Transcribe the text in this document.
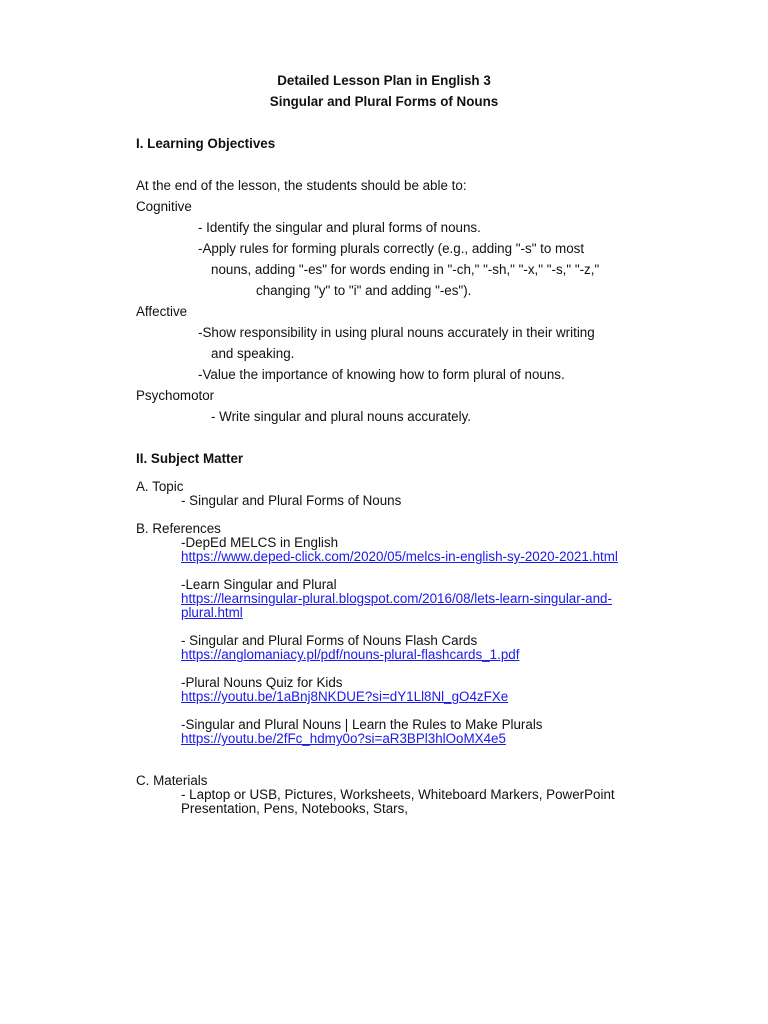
Detailed Lesson Plan in English 3
Singular and Plural Forms of Nouns
I. Learning Objectives
At the end of the lesson, the students should be able to:
Cognitive
- Identify the singular and plural forms of nouns.
-Apply rules for forming plurals correctly (e.g., adding "-s" to most
nouns, adding "-es" for words ending in "-ch," "-sh," "-x," "-s," "-z,"
changing "y" to "i" and adding "-es").
Affective
-Show responsibility in using plural nouns accurately in their writing
and speaking.
-Value the importance of knowing how to form plural of nouns.
Psychomotor
- Write singular and plural nouns accurately.
II. Subject Matter
A. Topic
- Singular and Plural Forms of Nouns
B. References
-DepEd MELCS in English
https://www.deped-click.com/2020/05/melcs-in-english-sy-2020-2021.html
-Learn Singular and Plural
https://learnsingular-plural.blogspot.com/2016/08/lets-learn-singular-and-
plural.html
- Singular and Plural Forms of Nouns Flash Cards
https://anglomaniacy.pl/pdf/nouns-plural-flashcards_1.pdf
-Plural Nouns Quiz for Kids
https://youtu.be/1aBnj8NKDUE?si=dY1Ll8Nl_gO4zFXe
-Singular and Plural Nouns | Learn the Rules to Make Plurals
https://youtu.be/2fFc_hdmy0o?si=aR3BPl3hlOoMX4e5
C. Materials
- Laptop or USB, Pictures, Worksheets, Whiteboard Markers, PowerPoint
Presentation, Pens, Notebooks, Stars,
